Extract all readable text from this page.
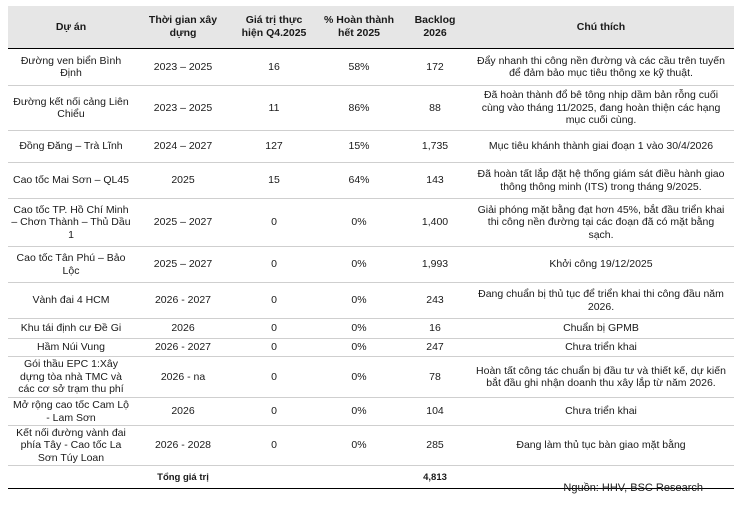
Dự án	Thời gian xây dựng	Giá trị thực hiện Q4.2025	% Hoàn thành hết 2025	Backlog 2026	Chú thích
Đường ven biển Bình Định	2023 – 2025	16	58%	172	Đẩy nhanh thi công nền đường và các cầu trên tuyến để đảm bảo mục tiêu thông xe kỹ thuật.
Đường kết nối cảng Liên Chiểu	2023 – 2025	11	86%	88	Đã hoàn thành đổ bê tông nhịp dầm bản rỗng cuối cùng vào tháng 11/2025, đang hoàn thiện các hạng mục cuối cùng.
Đồng Đăng – Trà Lĩnh	2024 – 2027	127	15%	1,735	Mục tiêu khánh thành giai đoạn 1 vào 30/4/2026
Cao tốc Mai Sơn – QL45	2025	15	64%	143	Đã hoàn tất lắp đặt hệ thống giám sát điều hành giao thông thông minh (ITS) trong tháng 9/2025.
Cao tốc TP. Hồ Chí Minh – Chơn Thành – Thủ Dầu 1	2025 – 2027	0	0%	1,400	Giải phóng mặt bằng đạt hơn 45%, bắt đầu triển khai thi công nền đường tại các đoạn đã có mặt bằng sạch.
Cao tốc Tân Phú – Bảo Lộc	2025 – 2027	0	0%	1,993	Khởi công 19/12/2025
Vành đai 4 HCM	2026 - 2027	0	0%	243	Đang chuẩn bị thủ tục để triển khai thi công đầu năm 2026.
Khu tái định cư Đề Gi	2026	0	0%	16	Chuẩn bị GPMB
Hầm Núi Vung	2026 - 2027	0	0%	247	Chưa triển khai
Gói thầu EPC 1:Xây dựng tòa nhà TMC và các cơ sở trạm thu phí	2026 - na	0	0%	78	Hoàn tất công tác chuẩn bị đầu tư và thiết kế, dự kiến bắt đầu ghi nhận doanh thu xây lắp từ năm 2026.
Mở rộng cao tốc Cam Lộ - Lam Sơn	2026	0	0%	104	Chưa triển khai
Kết nối đường vành đai phía Tây - Cao tốc La Sơn Túy Loan	2026 - 2028	0	0%	285	Đang làm thủ tục bàn giao mặt bằng
	Tổng giá trị			4,813	
Nguồn: HHV, BSC Research
